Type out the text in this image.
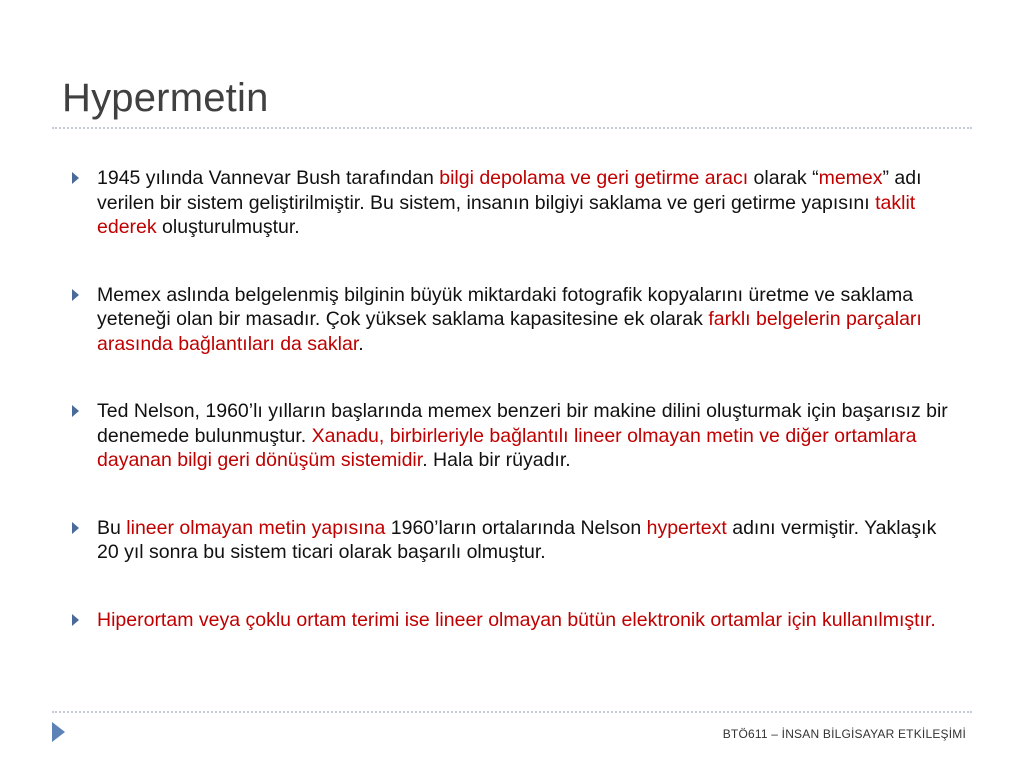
Hypermetin
1945 yılında Vannevar Bush tarafından bilgi depolama ve geri getirme aracı olarak “memex” adı verilen bir sistem geliştirilmiştir. Bu sistem, insanın bilgiyi saklama ve geri getirme yapısını taklit ederek oluşturulmuştur.
Memex aslında belgelenmiş bilginin büyük miktardaki fotografik kopyalarını üretme ve saklama yeteneği olan bir masadır. Çok yüksek saklama kapasitesine ek olarak farklı belgelerin parçaları arasında bağlantıları da saklar.
Ted Nelson, 1960’lı yılların başlarında memex benzeri bir makine dilini oluşturmak için başarısız bir denemede bulunmuştur. Xanadu, birbirleriyle bağlantılı lineer olmayan metin ve diğer ortamlara dayanan bilgi geri dönüşüm sistemidir. Hala bir rüyadır.
Bu lineer olmayan metin yapısına 1960’ların ortalarında Nelson hypertext adını vermiştir. Yaklaşık 20 yıl sonra bu sistem ticari olarak başarılı olmuştur.
Hiperortam veya çoklu ortam terimi ise lineer olmayan bütün elektronik ortamlar için kullanılmıştır.
BTÖ611 – İNSAN BİLGİSAYAR ETKİLEŞİMİ
